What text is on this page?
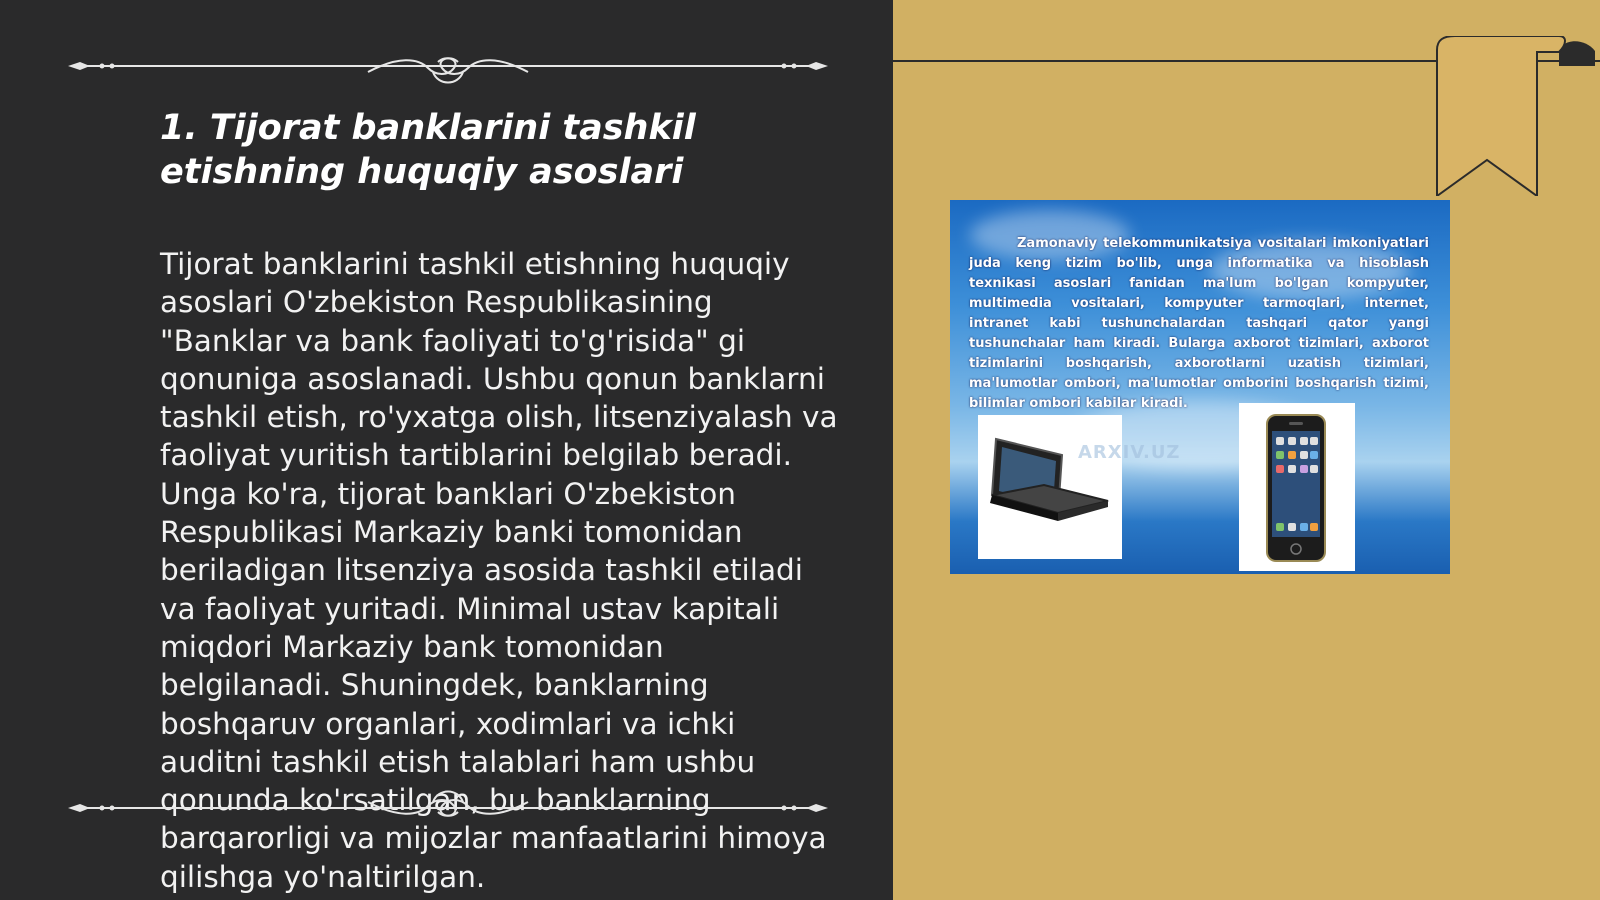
1. Tijorat banklarini tashkil etishning huquqiy asoslari

Tijorat banklarini tashkil etishning huquqiy asoslari O'zbekiston Respublikasining "Banklar va bank faoliyati to'g'risida" gi qonuniga asoslanadi. Ushbu qonun banklarni tashkil etish, ro'yxatga olish, litsenziyalash va faoliyat yuritish tartiblarini belgilab beradi. Unga ko'ra, tijorat banklari O'zbekiston Respublikasi Markaziy banki tomonidan beriladigan litsenziya asosida tashkil etiladi va faoliyat yuritadi. Minimal ustav kapitali miqdori Markaziy bank tomonidan belgilanadi. Shuningdek, banklarning boshqaruv organlari, xodimlari va ichki auditni tashkil etish talablari ham ushbu qonunda ko'rsatilgan, bu banklarning barqarorligi va mijozlar manfaatlarini himoya qilishga yo'naltirilgan.

Zamonaviy telekommunikatsiya vositalari imkoniyatlari juda keng tizim bo'lib, unga informatika va hisoblash texnikasi asoslari fanidan ma'lum bo'lgan kompyuter, multimedia vositalari, kompyuter tarmoqlari, internet, intranet kabi tushunchalardan tashqari qator yangi tushunchalar ham kiradi. Bularga axborot tizimlari, axborot tizimlarini boshqarish, axborotlarni uzatish tizimlari, ma'lumotlar ombori, ma'lumotlar omborini boshqarish tizimi, bilimlar ombori kabilar kiradi.

ARXIV.UZ
